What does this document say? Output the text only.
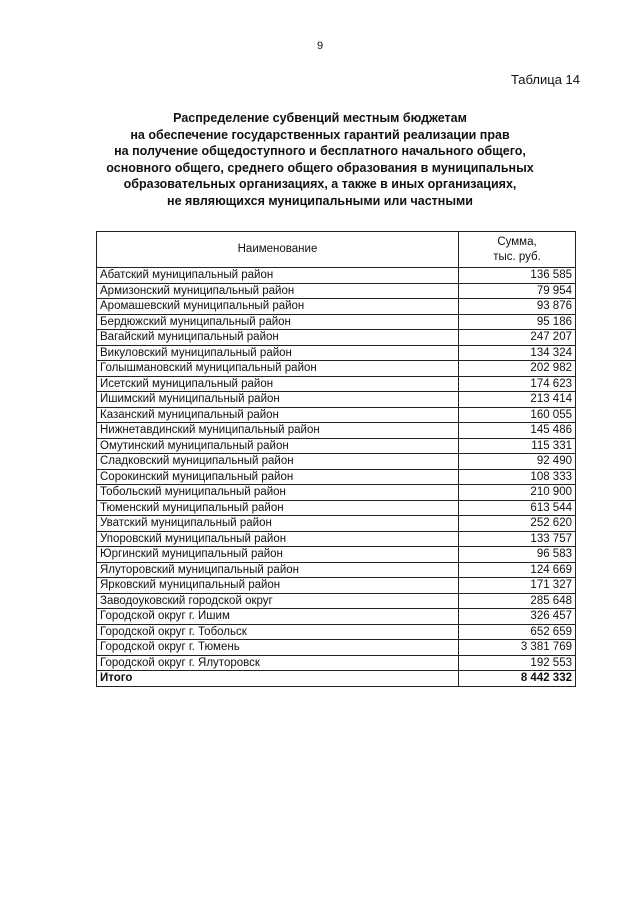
9
Таблица 14
Распределение субвенций местным бюджетам
на обеспечение государственных гарантий реализации прав
на получение общедоступного и бесплатного начального общего,
основного общего, среднего общего образования в муниципальных
образовательных организациях, а также в иных организациях,
не являющихся муниципальными или частными
Наименование	Сумма,
тыс. руб.

Абатский муниципальный район	136 585
Армизонский муниципальный район	79 954
Аромашевский муниципальный район	93 876
Бердюжский муниципальный район	95 186
Вагайский муниципальный район	247 207
Викуловский муниципальный район	134 324
Голышмановский муниципальный район	202 982
Исетский муниципальный район	174 623
Ишимский муниципальный район	213 414
Казанский муниципальный район	160 055
Нижнетавдинский муниципальный район	145 486
Омутинский муниципальный район	115 331
Сладковский муниципальный район	92 490
Сорокинский муниципальный район	108 333
Тобольский муниципальный район	210 900
Тюменский муниципальный район	613 544
Уватский муниципальный район	252 620
Упоровский муниципальный район	133 757
Юргинский муниципальный район	96 583
Ялуторовский муниципальный район	124 669
Ярковский муниципальный район	171 327
Заводоуковский городской округ	285 648
Городской округ г. Ишим	326 457
Городской округ г. Тобольск	652 659
Городской округ г. Тюмень	3 381 769
Городской округ г. Ялуторовск	192 553
Итого	8 442 332
